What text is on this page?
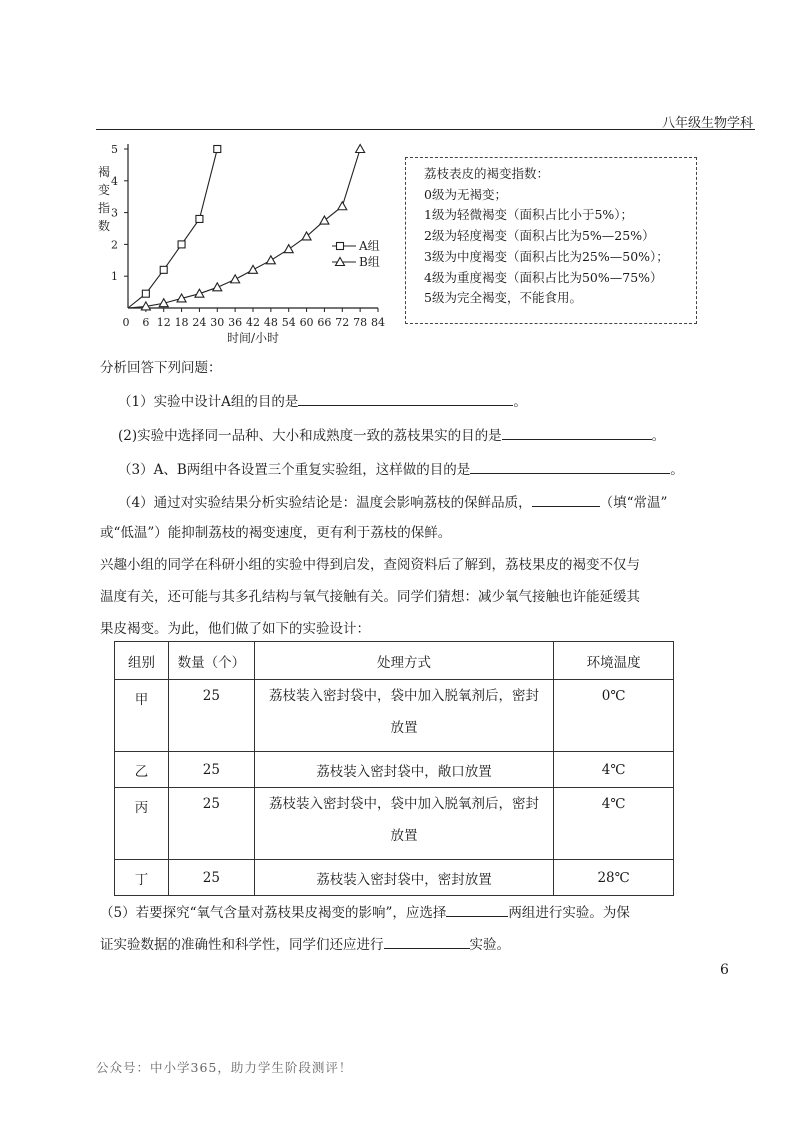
八年级生物学科
褐变指数
时间/小时
1
2
3
4
5
0 6 12 18 24 30 36 42 48 54 60 66 72 78 84
A组
B组
荔枝表皮的褐变指数：
0级为无褐变；
1级为轻微褐变（面积占比小于5%）；
2级为轻度褐变（面积占比为5%—25%）
3级为中度褐变（面积占比为25%—50%）；
4级为重度褐变（面积占比为50%—75%）
5级为完全褐变，不能食用。
分析回答下列问题：
（1）实验中设计A组的目的是	。
(2)实验中选择同一品种、大小和成熟度一致的荔枝果实的目的是	。
（3）A、B两组中各设置三个重复实验组，这样做的目的是	。
（4）通过对实验结果分析实验结论是：温度会影响荔枝的保鲜品质，	（填“常温”
或“低温”）能抑制荔枝的褐变速度，更有利于荔枝的保鲜。
兴趣小组的同学在科研小组的实验中得到启发，查阅资料后了解到，荔枝果皮的褐变不仅与
温度有关，还可能与其多孔结构与氧气接触有关。同学们猜想：减少氧气接触也许能延缓其
果皮褐变。为此，他们做了如下的实验设计：
组别	数量（个）	处理方式	环境温度
甲	25	荔枝装入密封袋中，袋中加入脱氧剂后，密封
放置	0℃
乙	25	荔枝装入密封袋中，敞口放置	4℃
丙	25	荔枝装入密封袋中，袋中加入脱氧剂后，密封
放置	4℃
丁	25	荔枝装入密封袋中，密封放置	28℃
（5）若要探究“氧气含量对荔枝果皮褐变的影响”，应选择	两组进行实验。为保
证实验数据的准确性和科学性，同学们还应进行	实验。
6
公众号：中小学365，助力学生阶段测评！
